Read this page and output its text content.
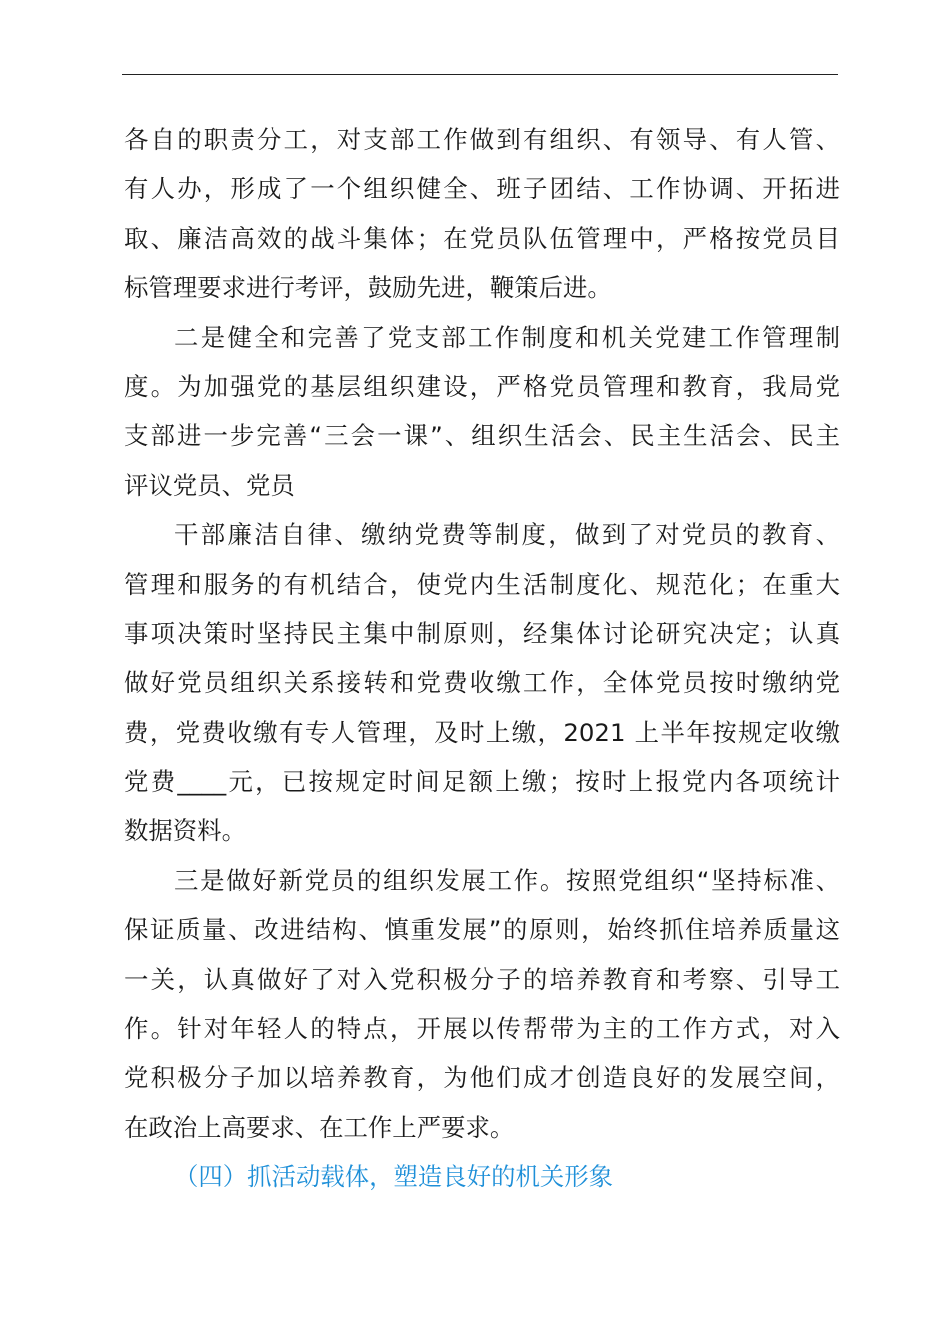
各自的职责分工，对支部工作做到有组织、有领导、有人管、
有人办，形成了一个组织健全、班子团结、工作协调、开拓进
取、廉洁高效的战斗集体；在党员队伍管理中，严格按党员目
标管理要求进行考评，鼓励先进，鞭策后进。
二是健全和完善了党支部工作制度和机关党建工作管理制
度。为加强党的基层组织建设，严格党员管理和教育，我局党
支部进一步完善“三会一课”、组织生活会、民主生活会、民主
评议党员、党员
干部廉洁自律、缴纳党费等制度，做到了对党员的教育、
管理和服务的有机结合，使党内生活制度化、规范化；在重大
事项决策时坚持民主集中制原则，经集体讨论研究决定；认真
做好党员组织关系接转和党费收缴工作，全体党员按时缴纳党
费，党费收缴有专人管理，及时上缴，2021 上半年按规定收缴
党费____元，已按规定时间足额上缴；按时上报党内各项统计
数据资料。
三是做好新党员的组织发展工作。按照党组织“坚持标准、
保证质量、改进结构、慎重发展”的原则，始终抓住培养质量这
一关，认真做好了对入党积极分子的培养教育和考察、引导工
作。针对年轻人的特点，开展以传帮带为主的工作方式，对入
党积极分子加以培养教育，为他们成才创造良好的发展空间，
在政治上高要求、在工作上严要求。
（四）抓活动载体，塑造良好的机关形象
